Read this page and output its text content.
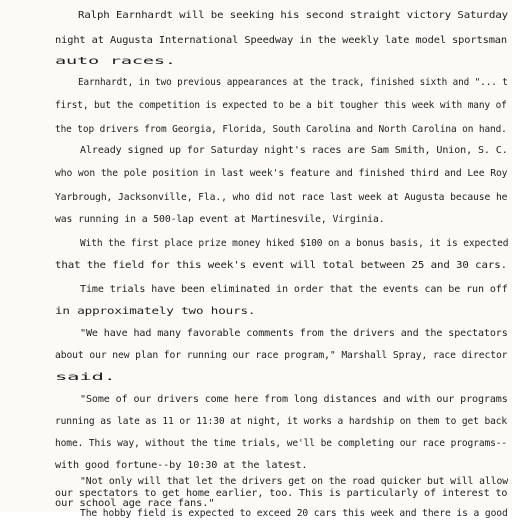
Ralph Earnhardt will be seeking his second straight victory Saturday
night at Augusta International Speedway in the weekly late model sportsman
auto races.
Earnhardt, in two previous appearances at the track, finished sixth and "... t
first, but the competition is expected to be a bit tougher this week with many of
the top drivers from Georgia, Florida, South Carolina and North Carolina on hand.
Already signed up for Saturday night's races are Sam Smith, Union, S. C.
who won the pole position in last week's feature and finished third and Lee Roy
Yarbrough, Jacksonville, Fla., who did not race last week at Augusta because he
was running in a 500-lap event at Martinesvile, Virginia.
With the first place prize money hiked $100 on a bonus basis, it is expected
that the field for this week's event will total between 25 and 30 cars.
Time trials have been eliminated in order that the events can be run off
in approximately two hours.
"We have had many favorable comments from the drivers and the spectators
about our new plan for running our race program," Marshall Spray, race director
said.
"Some of our drivers come here from long distances and with our programs
running as late as 11 or 11:30 at night, it works a hardship on them to get back
home. This way, without the time trials, we'll be completing our race programs--
with good fortune--by 10:30 at the latest.
"Not only will that let the drivers get on the road quicker but will allow
our spectators to get home earlier, too. This is particularly of interest to
our school age race fans."
The hobby field is expected to exceed 20 cars this week and there is a good
